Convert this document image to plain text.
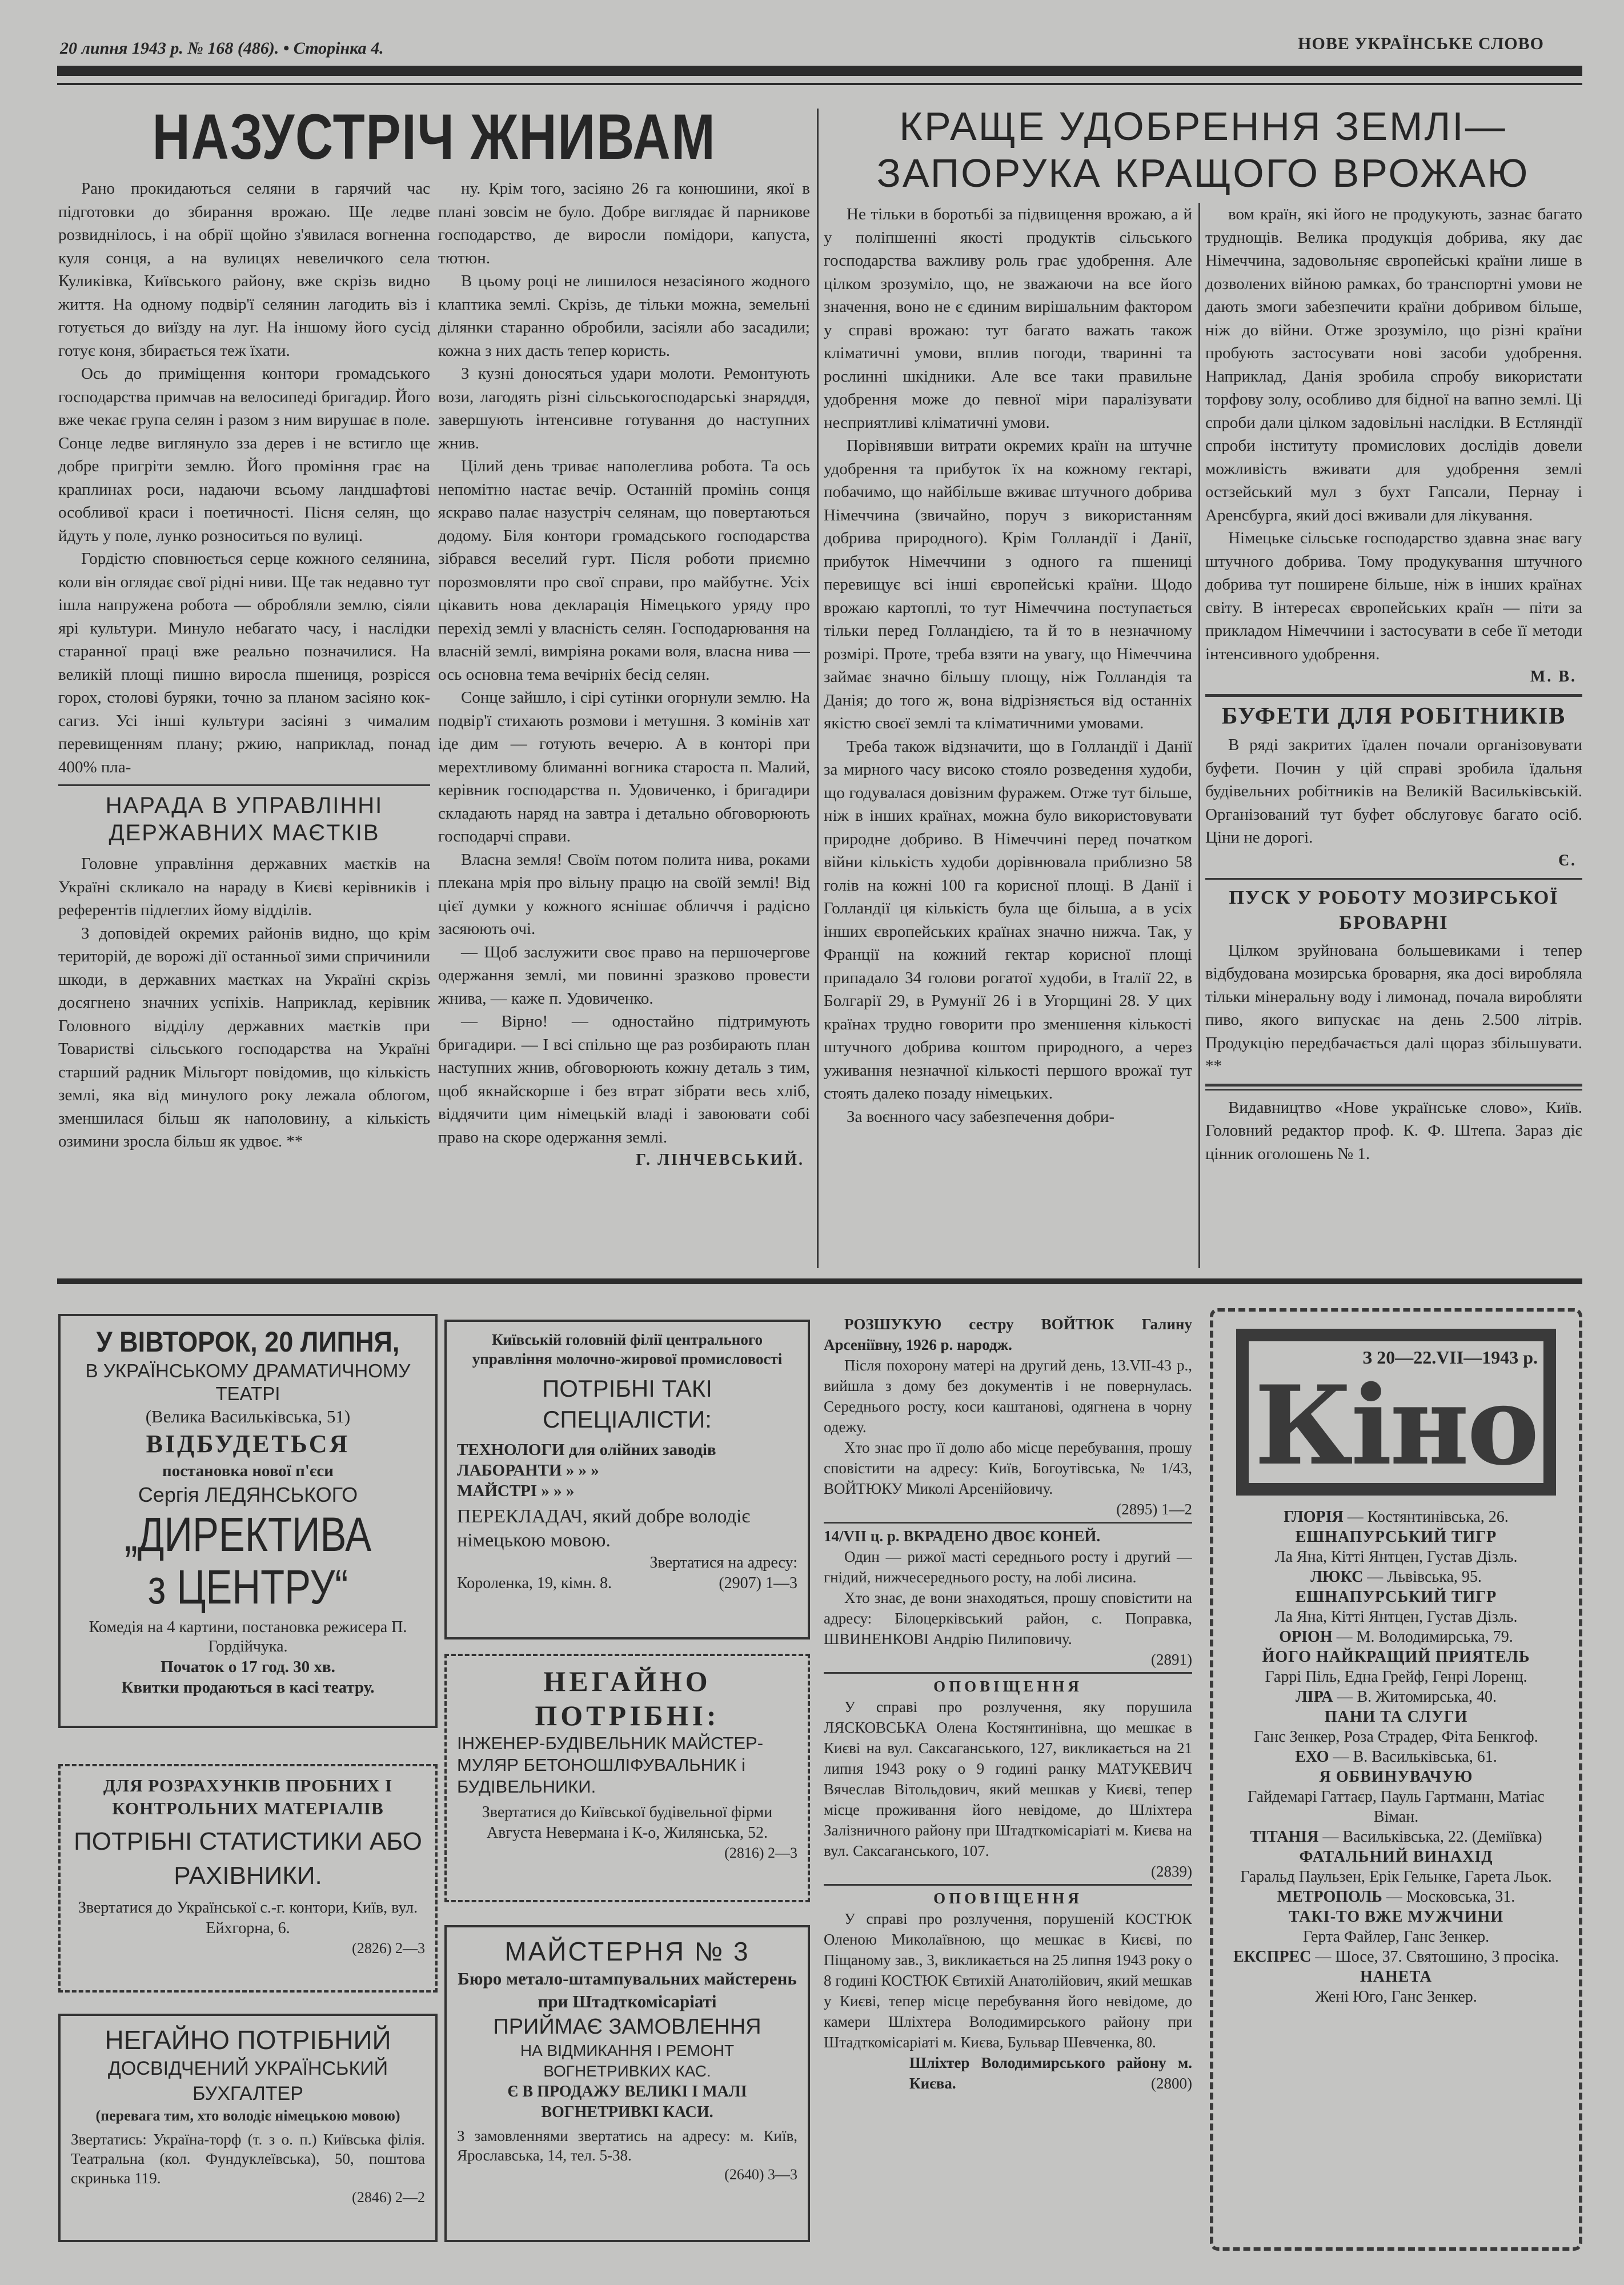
20 липня 1943 р. № 168 (486). • Сторінка 4.	НОВЕ УКРАЇНСЬКЕ СЛОВО
НАЗУСТРІЧ ЖНИВАМ

Рано прокидаються селяни в гарячий час підготовки до збирання врожаю. Ще ледве розвиднілось, і на обрії щойно з'явилася вогненна куля сонця, а на вулицях невеличкого села Куликівка, Київського району, вже скрізь видно життя. На одному подвір'ї селянин лагодить віз і готується до виїзду на луг. На іншому його сусід готує коня, збирається теж їхати.

Ось до приміщення контори громадського господарства примчав на велосипеді бригадир. Його вже чекає група селян і разом з ним вирушає в поле. Сонце ледве виглянуло зза дерев і не встигло ще добре пригріти землю. Його проміння грає на краплинах роси, надаючи всьому ландшафтові особливої краси і поетичності. Пісня селян, що йдуть у поле, лунко розноситься по вулиці.

Гордістю сповнюється серце кожного селянина, коли він оглядає свої рідні ниви. Ще так недавно тут ішла напружена робота — обробляли землю, сіяли ярі культури. Минуло небагато часу, і наслідки старанної праці вже реально позначилися. На великій площі пишно виросла пшениця, розрісся горох, столові буряки, точно за планом засіяно кок-сагиз. Усі інші культури засіяні з чималим перевищенням плану; ржию, наприклад, понад 400% пла-

НАРАДА В УПРАВЛІННІ
ДЕРЖАВНИХ МАЄТКІВ

Головне управління державних маєтків на Україні скликало на нараду в Києві керівників і референтів підлеглих йому відділів.

З доповідей окремих районів видно, що крім територій, де ворожі дії останньої зими спричинили шкоди, в державних маєтках на Україні скрізь досягнено значних успіхів. Наприклад, керівник Головного відділу державних маєтків при Товаристві сільського господарства на Україні старший радник Мільгорт повідомив, що кількість землі, яка від минулого року лежала облогом, зменшилася більш як наполовину, а кількість озимини зросла більш як удвоє. **

ну. Крім того, засіяно 26 га конюшини, якої в плані зовсім не було. Добре виглядає й парникове господарство, де виросли помідори, капуста, тютюн.

В цьому році не лишилося незасіяного жодного клаптика землі. Скрізь, де тільки можна, земельні ділянки старанно обробили, засіяли або засадили; кожна з них дасть тепер користь.

З кузні доносяться удари молоти. Ремонтують вози, лагодять різні сільськогосподарські знаряддя, завершують інтенсивне готування до наступних жнив.

Цілий день триває наполеглива робота. Та ось непомітно настає вечір. Останній промінь сонця яскраво палає назустріч селянам, що повертаються додому. Біля контори громадського господарства зібрався веселий гурт. Після роботи приємно порозмовляти про свої справи, про майбутнє. Усіх цікавить нова декларація Німецького уряду про перехід землі у власність селян. Господарювання на власній землі, вимріяна роками воля, власна нива — ось основна тема вечірніх бесід селян.

Сонце зайшло, і сірі сутінки огорнули землю. На подвір'ї стихають розмови і метушня. З комінів хат іде дим — готують вечерю. А в конторі при мерехтливому блиманні вогника староста п. Малий, керівник господарства п. Удовиченко, і бригадири складають наряд на завтра і детально обговорюють господарчі справи.

Власна земля! Своїм потом полита нива, роками плекана мрія про вільну працю на своїй землі! Від цієї думки у кожного яснішає обличчя і радісно засяюють очі.

— Щоб заслужити своє право на першочергове одержання землі, ми повинні зразково провести жнива, — каже п. Удовиченко.

— Вірно! — одностайно підтримують бригадири. — І всі спільно ще раз розбирають план наступних жнив, обговорюють кожну деталь з тим, щоб якнайскорше і без втрат зібрати весь хліб, віддячити цим німецькій владі і завоювати собі право на скоре одержання землі.

Г. ЛІНЧЕВСЬКИЙ.
КРАЩЕ УДОБРЕННЯ ЗЕМЛІ—
ЗАПОРУКА КРАЩОГО ВРОЖАЮ

Не тільки в боротьбі за підвищення врожаю, а й у поліпшенні якості продуктів сільського господарства важливу роль грає удобрення. Але цілком зрозуміло, що, не зважаючи на все його значення, воно не є єдиним вирішальним фактором у справі врожаю: тут багато важать також кліматичні умови, вплив погоди, тваринні та рослинні шкідники. Але все таки правильне удобрення може до певної міри паралізувати несприятливі кліматичні умови.

Порівнявши витрати окремих країн на штучне удобрення та прибуток їх на кожному гектарі, побачимо, що найбільше вживає штучного добрива Німеччина (звичайно, поруч з використанням добрива природного). Крім Голландії і Данії, прибуток Німеччини з одного га пшениці перевищує всі інші європейські країни. Щодо врожаю картоплі, то тут Німеччина поступається тільки перед Голландією, та й то в незначному розмірі. Проте, треба взяти на увагу, що Німеччина займає значно більшу площу, ніж Голландія та Данія; до того ж, вона відрізняється від останніх якістю своєї землі та кліматичними умовами.

Треба також відзначити, що в Голландії і Данії за мирного часу високо стояло розведення худоби, що годувалася довізним фуражем. Отже тут більше, ніж в інших країнах, можна було використовувати природне добриво. В Німеччині перед початком війни кількість худоби дорівнювала приблизно 58 голів на кожні 100 га корисної площі. В Данії і Голландії ця кількість була ще більша, а в усіх інших європейських країнах значно нижча. Так, у Франції на кожний гектар корисної площі припадало 34 голови рогатої худоби, в Італії 22, в Болгарії 29, в Румунії 26 і в Угорщині 28. У цих країнах трудно говорити про зменшення кількості штучного добрива коштом природного, а через уживання незначної кількості першого врожаї тут стоять далеко позаду німецьких.

За воєнного часу забезпечення добри-

вом країн, які його не продукують, зазнає багато труднощів. Велика продукція добрива, яку дає Німеччина, задовольняє європейські країни лише в дозволених війною рамках, бо транспортні умови не дають змоги забезпечити країни добривом більше, ніж до війни. Отже зрозуміло, що різні країни пробують застосувати нові засоби удобрення. Наприклад, Данія зробила спробу використати торфову золу, особливо для бідної на вапно землі. Ці спроби дали цілком задовільні наслідки. В Естляндії спроби інституту промислових дослідів довели можливість вживати для удобрення землі остзейський мул з бухт Гапсали, Пернау і Аренсбурга, який досі вживали для лікування.

Німецьке сільське господарство здавна знає вагу штучного добрива. Тому продукування штучного добрива тут поширене більше, ніж в інших країнах світу. В інтересах європейських країн — піти за прикладом Німеччини і застосувати в себе її методи інтенсивного удобрення.

М. В.
БУФЕТИ ДЛЯ РОБІТНИКІВ

В ряді закритих їдален почали організовувати буфети. Почин у цій справі зробила їдальня будівельних робітників на Великій Васильківській. Організований тут буфет обслуговує багато осіб. Ціни не дорогі.

Є.
ПУСК У РОБОТУ МОЗИРСЬКОЇ
БРОВАРНІ

Цілком зруйнована большевиками і тепер відбудована мозирська броварня, яка досі виробляла тільки мінеральну воду і лимонад, почала виробляти пиво, якого випускає на день 2.500 літрів. Продукцію передбачається далі щораз збільшувати. **

Видавництво «Нове українське слово», Київ. Головний редактор проф. К. Ф. Штепа. Зараз діє цінник оголошень № 1.

У ВІВТОРОК, 20 ЛИПНЯ,
В УКРАЇНСЬКОМУ ДРАМАТИЧНОМУ ТЕАТРІ
(Велика Васильківська, 51)
ВІДБУДЕТЬСЯ
постановка нової п'єси
Сергія ЛЕДЯНСЬКОГО
„ДИРЕКТИВА
з ЦЕНТРУ“
Комедія на 4 картини, постановка режисера П. Гордійчука.
Початок о 17 год. 30 хв.
Квитки продаються в касі театру.
ДЛЯ РОЗРАХУНКІВ ПРОБНИХ І КОНТРОЛЬНИХ МАТЕРІАЛІВ
ПОТРІБНІ СТАТИСТИКИ АБО РАХІВНИКИ.
Звертатися до Української с.-г. контори, Київ, вул. Ейхгорна, 6.
(2826) 2—3
НЕГАЙНО ПОТРІБНИЙ
ДОСВІДЧЕНИЙ УКРАЇНСЬКИЙ БУХГАЛТЕР
(перевага тим, хто володіє німецькою мовою)
Звертатись: Україна-торф (т. з о. п.) Київська філія. Театральна (кол. Фундуклеївська), 50, поштова скринька 119.
(2846) 2—2
Київській головній філії центрального управління молочно-жирової промисловості
ПОТРІБНІ ТАКІ СПЕЦІАЛІСТИ:
ТЕХНОЛОГИ для олійних заводів
ЛАБОРАНТИ » » »
МАЙСТРІ » » »
ПЕРЕКЛАДАЧ, який добре володіє німецькою мовою.
Звертатися на адресу:
Короленка, 19, кімн. 8.	(2907) 1—3
НЕГАЙНО ПОТРІБНІ:
ІНЖЕНЕР-БУДІВЕЛЬНИК МАЙСТЕР-МУЛЯР БЕТОНОШЛІФУВАЛЬНИК і БУДІВЕЛЬНИКИ.
Звертатися до Київської будівельної фірми Августа Невермана і К-о, Жилянська, 52.
(2816) 2—3
МАЙСТЕРНЯ № 3
Бюро метало-штампувальних майстерень при Штадткомісаріаті
ПРИЙМАЄ ЗАМОВЛЕННЯ
НА ВІДМИКАННЯ І РЕМОНТ ВОГНЕТРИВКИХ КАС.
Є В ПРОДАЖУ ВЕЛИКІ І МАЛІ ВОГНЕТРИВКІ КАСИ.
З замовленнями звертатись на адресу: м. Київ, Ярославська, 14, тел. 5-38.
(2640) 3—3

РОЗШУКУЮ сестру ВОЙТЮК Галину Арсеніївну, 1926 р. народж.

Після похорону матері на другий день, 13.VII-43 р., вийшла з дому без документів і не повернулась. Середнього росту, коси каштанові, одягнена в чорну одежу.

Хто знає про її долю або місце перебування, прошу сповістити на адресу: Київ, Богоутівська, № 1/43, ВОЙТЮКУ Миколі Арсенійовичу.

(2895) 1—2

14/VII ц. р. ВКРАДЕНО ДВОЄ КОНЕЙ.

Один — рижої масті середнього росту і другий — гнідий, нижчесереднього росту, на лобі лисина.

Хто знає, де вони знаходяться, прошу сповістити на адресу: Білоцерківський район, с. Поправка, ШВИНЕНКОВІ Андрію Пилиповичу.

(2891)
ОПОВІЩЕННЯ

У справі про розлучення, яку порушила ЛЯСКОВСЬКА Олена Костянтинівна, що мешкає в Києві на вул. Саксаганського, 127, викликається на 21 липня 1943 року о 9 годині ранку МАТУКЕВИЧ Вячеслав Вітольдович, який мешкав у Києві, тепер місце проживання його невідоме, до Шліхтера Залізничного району при Штадткомісаріаті м. Києва на вул. Саксаганського, 107.

(2839)
ОПОВІЩЕННЯ

У справі про розлучення, порушеній КОСТЮК Оленою Миколаївною, що мешкає в Києві, по Піщаному зав., 3, викликається на 25 липня 1943 року о 8 годині КОСТЮК Євтихій Анатолійович, який мешкав у Києві, тепер місце перебування його невідоме, до камери Шліхтера Володимирського району при Штадткомісаріаті м. Києва, Бульвар Шевченка, 80.

Шліхтер Володимирського району м. Києва.	(2800)
З 20—22.VII—1943 р.
Кіно
ГЛОРІЯ — Костянтинівська, 26.
ЕШНАПУРСЬКИЙ ТИГР
Ла Яна, Кітті Янтцен, Густав Дізль.
ЛЮКС — Львівська, 95.
ЕШНАПУРСЬКИЙ ТИГР
Ла Яна, Кітті Янтцен, Густав Дізль.
ОРІОН — М. Володимирська, 79.
ЙОГО НАЙКРАЩИЙ ПРИЯТЕЛЬ
Гаррі Піль, Една Грейф, Генрі Лоренц.
ЛІРА — В. Житомирська, 40.
ПАНИ ТА СЛУГИ
Ганс Зенкер, Роза Страдер, Фіта Бенкгоф.
ЕХО — В. Васильківська, 61.
Я ОБВИНУВАЧУЮ
Гайдемарі Гаттаєр, Пауль Гартманн, Матіас Віман.
ТІТАНІЯ — Васильківська, 22. (Деміївка)
ФАТАЛЬНИЙ ВИНАХІД
Гаральд Паульзен, Ерік Гельнке, Гарета Льок.
МЕТРОПОЛЬ — Московська, 31.
ТАКІ-ТО ВЖЕ МУЖЧИНИ
Герта Файлер, Ганс Зенкер.
ЕКСПРЕС — Шосе, 37. Святошино, 3 просіка.
НАНЕТА
Жені Юго, Ганс Зенкер.
